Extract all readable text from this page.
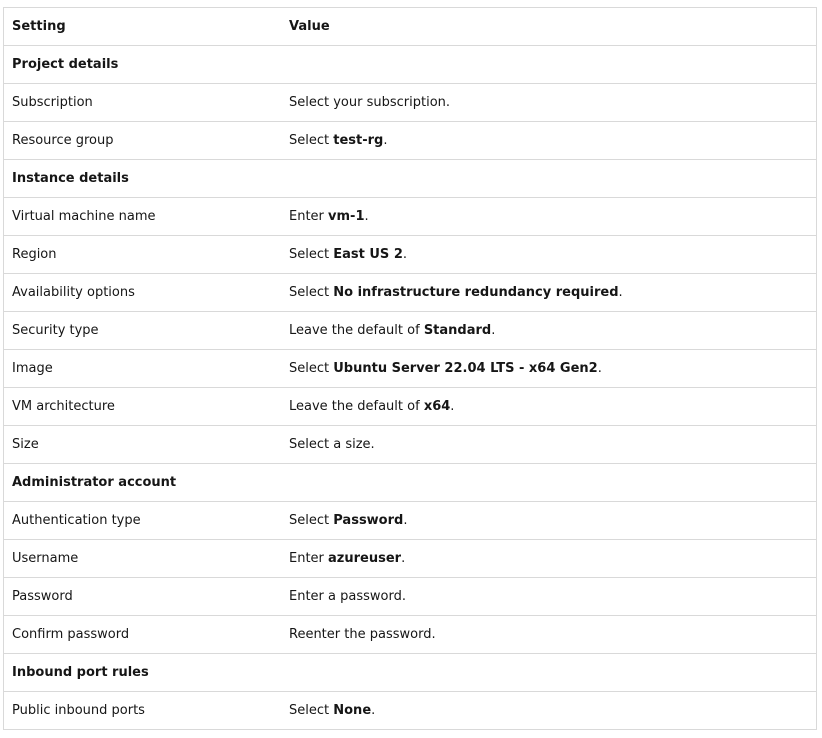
Setting	Value
Project details	
Subscription	Select your subscription.
Resource group	Select test-rg.
Instance details	
Virtual machine name	Enter vm-1.
Region	Select East US 2.
Availability options	Select No infrastructure redundancy required.
Security type	Leave the default of Standard.
Image	Select Ubuntu Server 22.04 LTS - x64 Gen2.
VM architecture	Leave the default of x64.
Size	Select a size.
Administrator account	
Authentication type	Select Password.
Username	Enter azureuser.
Password	Enter a password.
Confirm password	Reenter the password.
Inbound port rules	
Public inbound ports	Select None.
